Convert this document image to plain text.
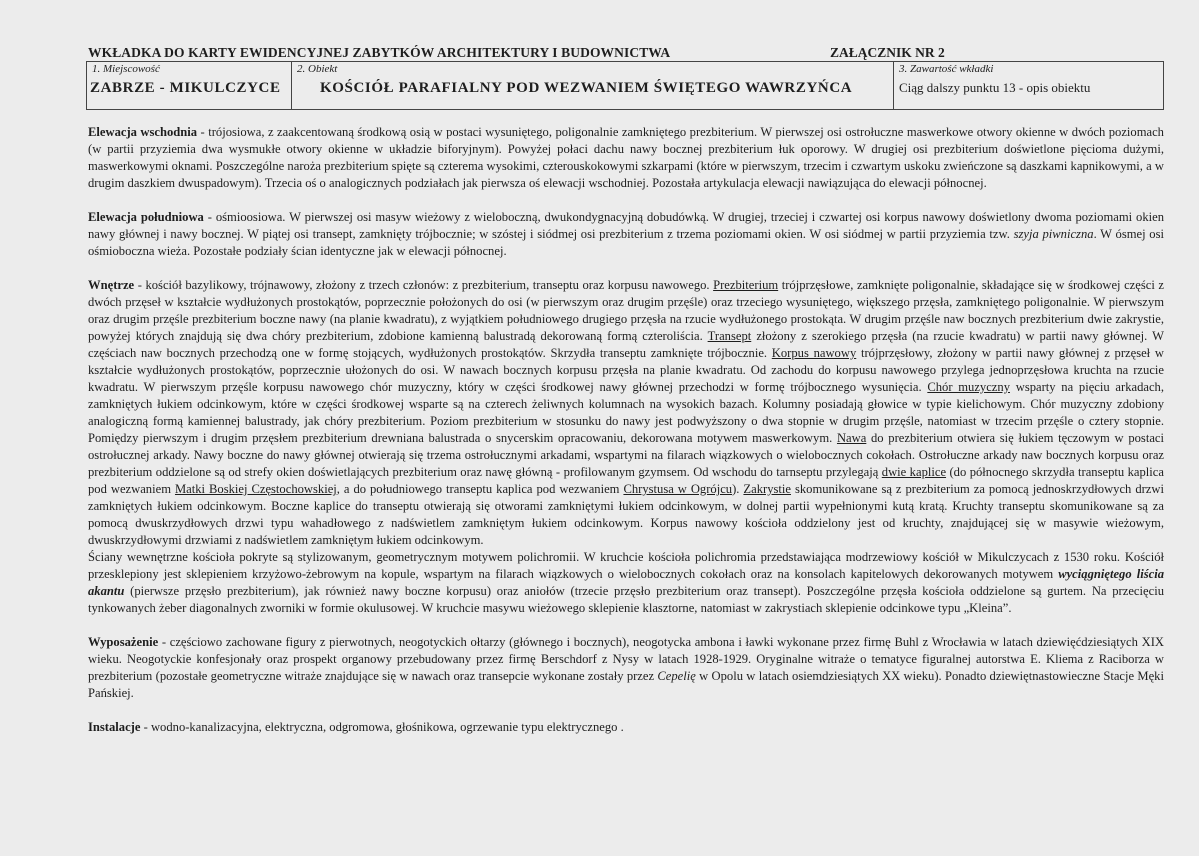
WKŁADKA DO KARTY EWIDENCYJNEJ ZABYTKÓW ARCHITEKTURY I BUDOWNICTWA	ZAŁĄCZNIK NR 2
1. Miejscowość
ZABRZE - MIKULCZYCE
2. Obiekt
KOŚCIÓŁ PARAFIALNY POD WEZWANIEM ŚWIĘTEGO WAWRZYŃCA
3. Zawartość wkładki
Ciąg dalszy punktu 13 - opis obiektu

Elewacja wschodnia - trójosiowa, z zaakcentowaną środkową osią w postaci wysuniętego, poligonalnie zamkniętego prezbiterium. W pierwszej osi ostrołuczne maswerkowe otwory okienne w dwóch poziomach (w partii przyziemia dwa wysmukłe otwory okienne w układzie biforyjnym). Powyżej połaci dachu nawy bocznej prezbiterium łuk oporowy. W drugiej osi prezbiterium doświetlone pięcioma dużymi, maswerkowymi oknami. Poszczególne naroża prezbiterium spięte są czterema wysokimi, czterouskokowymi szkarpami (które w pierwszym, trzecim i czwartym uskoku zwieńczone są daszkami kapnikowymi, a w drugim daszkiem dwuspadowym). Trzecia oś o analogicznych podziałach jak pierwsza oś elewacji wschodniej. Pozostała artykulacja elewacji nawiązująca do elewacji północnej.

Elewacja południowa - ośmioosiowa. W pierwszej osi masyw wieżowy z wieloboczną, dwukondygnacyjną dobudówką. W drugiej, trzeciej i czwartej osi korpus nawowy doświetlony dwoma poziomami okien nawy głównej i nawy bocznej. W piątej osi transept, zamknięty trójbocznie; w szóstej i siódmej osi prezbiterium z trzema poziomami okien. W osi siódmej w partii przyziemia tzw. szyja piwniczna. W ósmej osi ośmioboczna wieża. Pozostałe podziały ścian identyczne jak w elewacji północnej.

Wnętrze - kościół bazylikowy, trójnawowy, złożony z trzech członów: z prezbiterium, transeptu oraz korpusu nawowego. Prezbiterium trójprzęsłowe, zamknięte poligonalnie, składające się w środkowej części z dwóch przęseł w kształcie wydłużonych prostokątów, poprzecznie położonych do osi (w pierwszym oraz drugim przęśle) oraz trzeciego wysuniętego, większego przęsła, zamkniętego poligonalnie. W pierwszym oraz drugim przęśle prezbiterium boczne nawy (na planie kwadratu), z wyjątkiem południowego drugiego przęsła na rzucie wydłużonego prostokąta. W drugim przęśle naw bocznych prezbiterium dwie zakrystie, powyżej których znajdują się dwa chóry prezbiterium, zdobione kamienną balustradą dekorowaną formą czteroliścia. Transept złożony z szerokiego przęsła (na rzucie kwadratu) w partii nawy głównej. W częściach naw bocznych przechodzą one w formę stojących, wydłużonych prostokątów. Skrzydła transeptu zamknięte trójbocznie. Korpus nawowy trójprzęsłowy, złożony w partii nawy głównej z przęseł w kształcie wydłużonych prostokątów, poprzecznie ułożonych do osi. W nawach bocznych korpusu przęsła na planie kwadratu. Od zachodu do korpusu nawowego przylega jednoprzęsłowa kruchta na rzucie kwadratu. W pierwszym przęśle korpusu nawowego chór muzyczny, który w części środkowej nawy głównej przechodzi w formę trójbocznego wysunięcia. Chór muzyczny wsparty na pięciu arkadach, zamkniętych łukiem odcinkowym, które w części środkowej wsparte są na czterech żeliwnych kolumnach na wysokich bazach. Kolumny posiadają głowice w typie kielichowym. Chór muzyczny zdobiony analogiczną formą kamiennej balustrady, jak chóry prezbiterium. Poziom prezbiterium w stosunku do nawy jest podwyższony o dwa stopnie w drugim przęśle, natomiast w trzecim przęśle o cztery stopnie. Pomiędzy pierwszym i drugim przęsłem prezbiterium drewniana balustrada o snycerskim opracowaniu, dekorowana motywem maswerkowym. Nawa do prezbiterium otwiera się łukiem tęczowym w postaci ostrołucznej arkady. Nawy boczne do nawy głównej otwierają się trzema ostrołucznymi arkadami, wspartymi na filarach wiązkowych o wielobocznych cokołach. Ostrołuczne arkady naw bocznych korpusu oraz prezbiterium oddzielone są od strefy okien doświetlających prezbiterium oraz nawę główną - profilowanym gzymsem. Od wschodu do tarnseptu przylegają dwie kaplice (do północnego skrzydła transeptu kaplica pod wezwaniem Matki Boskiej Częstochowskiej, a do południowego transeptu kaplica pod wezwaniem Chrystusa w Ogrójcu). Zakrystie skomunikowane są z prezbiterium za pomocą jednoskrzydłowych drzwi zamkniętych łukiem odcinkowym. Boczne kaplice do transeptu otwierają się otworami zamkniętymi łukiem odcinkowym, w dolnej partii wypełnionymi kutą kratą. Kruchty transeptu skomunikowane są za pomocą dwuskrzydłowych drzwi typu wahadłowego z nadświetlem zamkniętym łukiem odcinkowym. Korpus nawowy kościoła oddzielony jest od kruchty, znajdującej się w masywie wieżowym, dwuskrzydłowymi drzwiami z nadświetlem zamkniętym łukiem odcinkowym.

Ściany wewnętrzne kościoła pokryte są stylizowanym, geometrycznym motywem polichromii. W kruchcie kościoła polichromia przedstawiająca modrzewiowy kościół w Mikulczycach z 1530 roku. Kościół przesklepiony jest sklepieniem krzyżowo-żebrowym na kopule, wspartym na filarach wiązkowych o wielobocznych cokołach oraz na konsolach kapitelowych dekorowanych motywem wyciągniętego liścia akantu (pierwsze przęsło prezbiterium), jak również nawy boczne korpusu) oraz aniołów (trzecie przęsło prezbiterium oraz transept). Poszczególne przęsła kościoła oddzielone są gurtem. Na przecięciu tynkowanych żeber diagonalnych zworniki w formie okulusowej. W kruchcie masywu wieżowego sklepienie klasztorne, natomiast w zakrystiach sklepienie odcinkowe typu „Kleina”.

Wyposażenie - częściowo zachowane figury z pierwotnych, neogotyckich ołtarzy (głównego i bocznych), neogotycka ambona i ławki wykonane przez firmę Buhl z Wrocławia w latach dziewięćdziesiątych XIX wieku. Neogotyckie konfesjonały oraz prospekt organowy przebudowany przez firmę Berschdorf z Nysy w latach 1928-1929. Oryginalne witraże o tematyce figuralnej autorstwa E. Kliema z Raciborza w prezbiterium (pozostałe geometryczne witraże znajdujące się w nawach oraz transepcie wykonane zostały przez Cepelię w Opolu w latach osiemdziesiątych XX wieku). Ponadto dziewiętnastowieczne Stacje Męki Pańskiej.

Instalacje - wodno-kanalizacyjna, elektryczna, odgromowa, głośnikowa, ogrzewanie typu elektrycznego .
